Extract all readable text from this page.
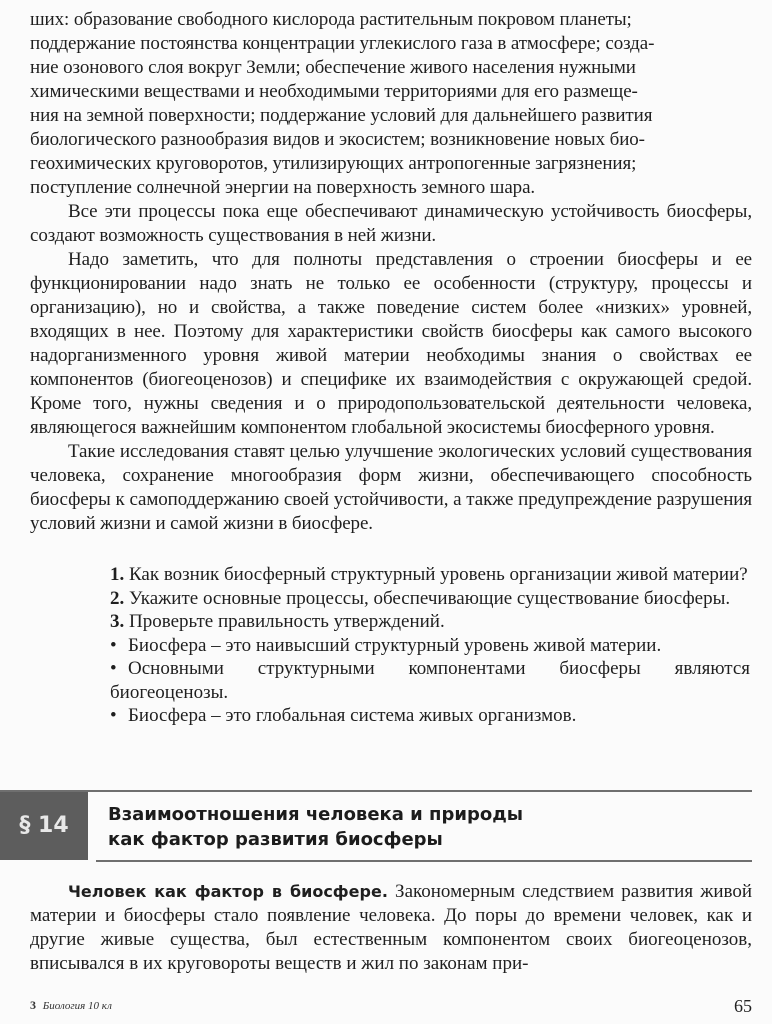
ших: образование свободного кислорода растительным покровом планеты;
поддержание постоянства концентрации углекислого газа в атмосфере; созда-
ние озонового слоя вокруг Земли; обеспечение живого населения нужными
химическими веществами и необходимыми территориями для его размеще-
ния на земной поверхности; поддержание условий для дальнейшего развития
биологического разнообразия видов и экосистем; возникновение новых био-
геохимических круговоротов, утилизирующих антропогенные загрязнения;
поступление солнечной энергии на поверхность земного шара.

Все эти процессы пока еще обеспечивают динамическую устойчивость биосферы, создают возможность существования в ней жизни.

Надо заметить, что для полноты представления о строении биосферы и ее функционировании надо знать не только ее особенности (структуру, процессы и организацию), но и свойства, а также поведение систем более «низких» уровней, входящих в нее. Поэтому для характеристики свойств биосферы как самого высокого надорганизменного уровня живой материи необходимы знания о свойствах ее компонентов (биогеоценозов) и специфике их взаимодействия с окружающей средой. Кроме того, нужны сведения и о природопользовательской деятельности человека, являющегося важнейшим компонентом глобальной экосистемы биосферного уровня.

Такие исследования ставят целью улучшение экологических условий существования человека, сохранение многообразия форм жизни, обеспечивающего способность биосферы к самоподдержанию своей устойчивости, а также предупреждение разрушения условий жизни и самой жизни в биосфере.

1. Как возник биосферный структурный уровень организации живой материи?

2. Укажите основные процессы, обеспечивающие существование биосферы.

3. Проверьте правильность утверждений.

• Биосфера – это наивысший структурный уровень живой материи.

• Основными структурными компонентами биосферы являются биогеоценозы.

• Биосфера – это глобальная система живых организмов.

§ 14	Взаимоотношения человека и природы
как фактор развития биосферы

Человек как фактор в биосфере. Закономерным следствием развития живой материи и биосферы стало появление человека. До поры до времени человек, как и другие живые существа, был естественным компонентом своих биогеоценозов, вписывался в их круговороты веществ и жил по законам при-

3 Биология 10 кл	65
